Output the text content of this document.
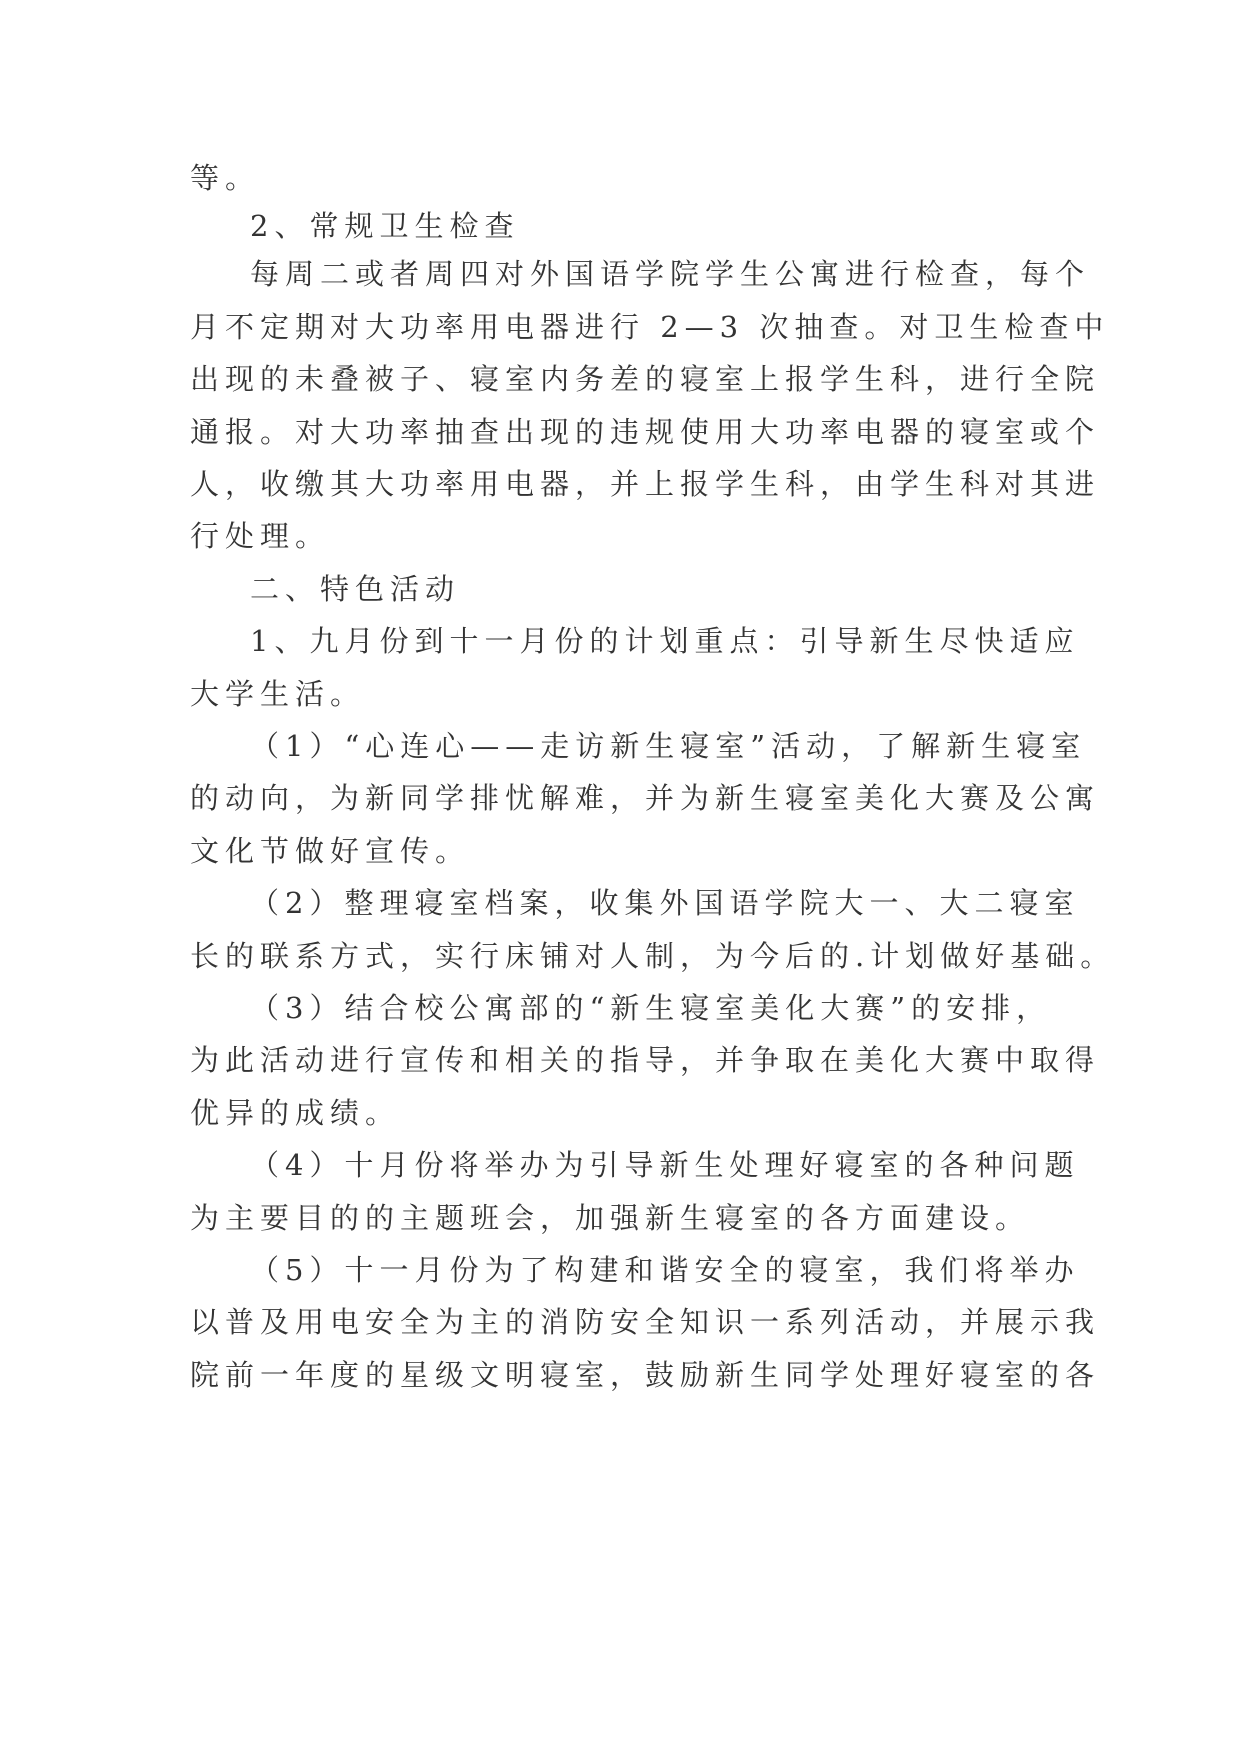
等。
2、常规卫生检查
每周二或者周四对外国语学院学生公寓进行检查，每个
月不定期对大功率用电器进行 2—3 次抽查。对卫生检查中
出现的未叠被子、寝室内务差的寝室上报学生科，进行全院
通报。对大功率抽查出现的违规使用大功率电器的寝室或个
人，收缴其大功率用电器，并上报学生科，由学生科对其进
行处理。
二、特色活动
1、九月份到十一月份的计划重点：引导新生尽快适应
大学生活。
（1）“心连心——走访新生寝室”活动，了解新生寝室
的动向，为新同学排忧解难，并为新生寝室美化大赛及公寓
文化节做好宣传。
（2）整理寝室档案，收集外国语学院大一、大二寝室
长的联系方式，实行床铺对人制，为今后的.计划做好基础。
（3）结合校公寓部的“新生寝室美化大赛”的安排，
为此活动进行宣传和相关的指导，并争取在美化大赛中取得
优异的成绩。
（4）十月份将举办为引导新生处理好寝室的各种问题
为主要目的的主题班会，加强新生寝室的各方面建设。
（5）十一月份为了构建和谐安全的寝室，我们将举办
以普及用电安全为主的消防安全知识一系列活动，并展示我
院前一年度的星级文明寝室，鼓励新生同学处理好寝室的各
